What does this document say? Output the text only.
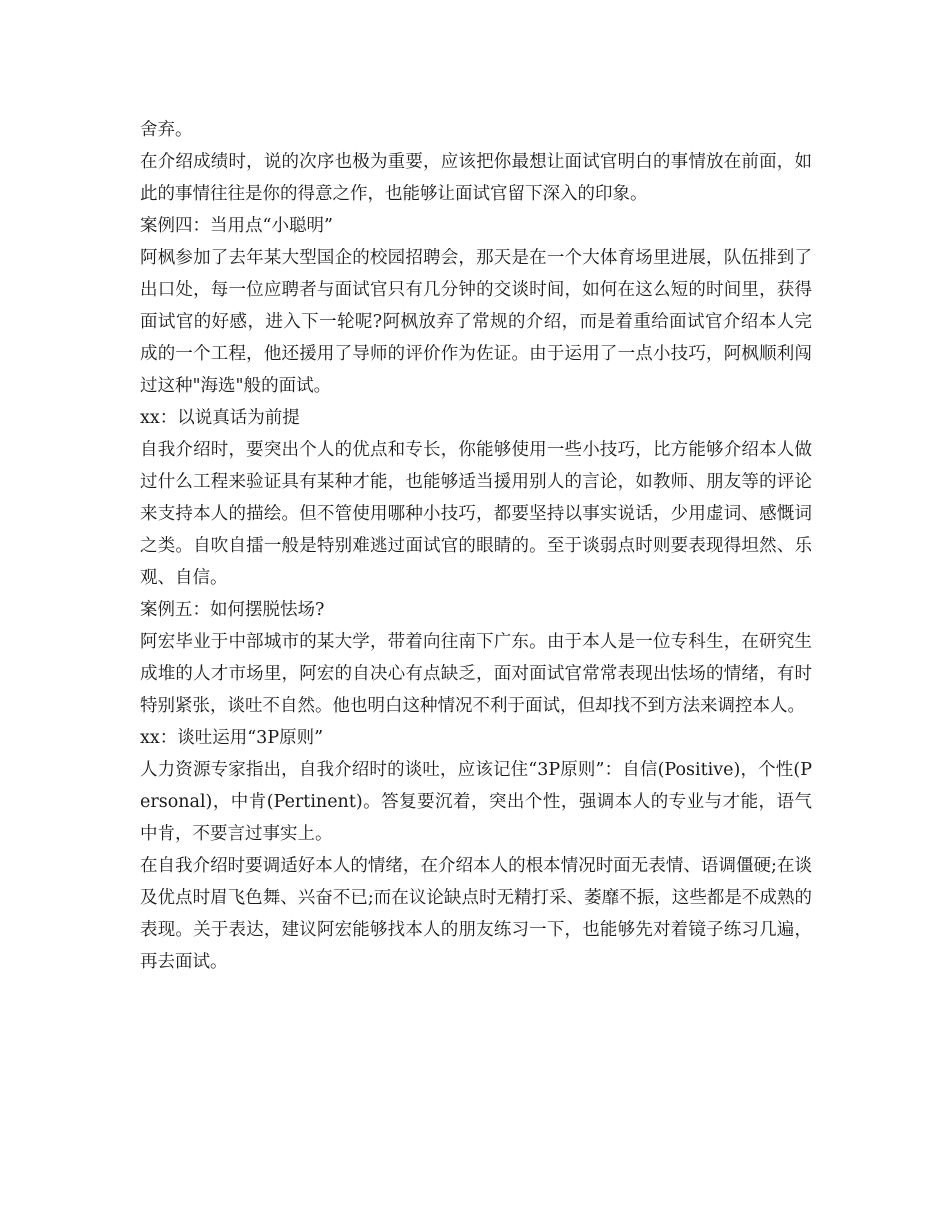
舍弃。

在介绍成绩时，说的次序也极为重要，应该把你最想让面试官明白的事情放在前面，如此的事情往往是你的得意之作，也能够让面试官留下深入的印象。

案例四：当用点“小聪明”

阿枫参加了去年某大型国企的校园招聘会，那天是在一个大体育场里进展，队伍排到了出口处，每一位应聘者与面试官只有几分钟的交谈时间，如何在这么短的时间里，获得面试官的好感，进入下一轮呢?阿枫放弃了常规的介绍，而是着重给面试官介绍本人完成的一个工程，他还援用了导师的评价作为佐证。由于运用了一点小技巧，阿枫顺利闯过这种"海选"般的面试。

xx：以说真话为前提

自我介绍时，要突出个人的优点和专长，你能够使用一些小技巧，比方能够介绍本人做过什么工程来验证具有某种才能，也能够适当援用别人的言论，如教师、朋友等的评论来支持本人的描绘。但不管使用哪种小技巧，都要坚持以事实说话，少用虚词、感慨词之类。自吹自擂一般是特别难逃过面试官的眼睛的。至于谈弱点时则要表现得坦然、乐观、自信。

案例五：如何摆脱怯场?

阿宏毕业于中部城市的某大学，带着向往南下广东。由于本人是一位专科生，在研究生成堆的人才市场里，阿宏的自决心有点缺乏，面对面试官常常表现出怯场的情绪，有时特别紧张，谈吐不自然。他也明白这种情况不利于面试，但却找不到方法来调控本人。

xx：谈吐运用“3P原则”

人力资源专家指出，自我介绍时的谈吐，应该记住“3P原则”：自信(Positive)，个性(Personal)，中肯(Pertinent)。答复要沉着，突出个性，强调本人的专业与才能，语气中肯，不要言过事实上。

在自我介绍时要调适好本人的情绪，在介绍本人的根本情况时面无表情、语调僵硬;在谈及优点时眉飞色舞、兴奋不已;而在议论缺点时无精打采、萎靡不振，这些都是不成熟的表现。关于表达，建议阿宏能够找本人的朋友练习一下，也能够先对着镜子练习几遍，再去面试。
